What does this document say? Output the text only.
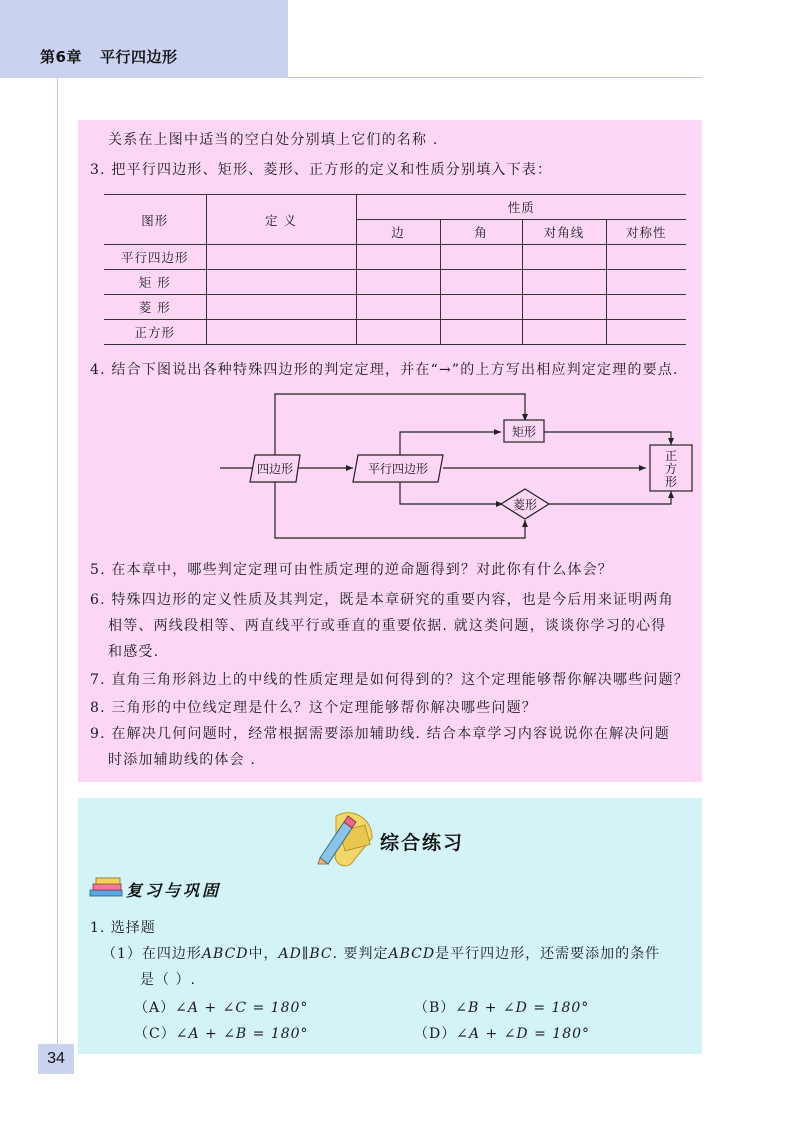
第6章 平行四边形

关系在上图中适当的空白处分别填上它们的名称 .

3. 把平行四边形、矩形、菱形、正方形的定义和性质分别填入下表：

图形	定 义	性质			
		边	角	对角线	对称性
平行四边形					
矩 形					
菱 形					
正方形					

4. 结合下图说出各种特殊四边形的判定定理，并在“→”的上方写出相应判定定理的要点.

四边形	平行四边形
矩形
菱形
正
方
形

5. 在本章中，哪些判定定理可由性质定理的逆命题得到？对此你有什么体会？

6. 特殊四边形的定义性质及其判定，既是本章研究的重要内容，也是今后用来证明两角

相等、两线段相等、两直线平行或垂直的重要依据. 就这类问题，谈谈你学习的心得

和感受.

7. 直角三角形斜边上的中线的性质定理是如何得到的？这个定理能够帮你解决哪些问题？

8. 三角形的中位线定理是什么？这个定理能够帮你解决哪些问题？

9. 在解决几何问题时，经常根据需要添加辅助线. 结合本章学习内容说说你在解决问题

时添加辅助线的体会 .

综合练习
复习与巩固

1. 选择题

（1）在四边形ABCD中，AD∥BC. 要判定ABCD是平行四边形，还需要添加的条件

是（ ）.

（A）∠A + ∠C = 180°	（B）∠B + ∠D = 180°

（C）∠A + ∠B = 180°	（D）∠A + ∠D = 180°

34
